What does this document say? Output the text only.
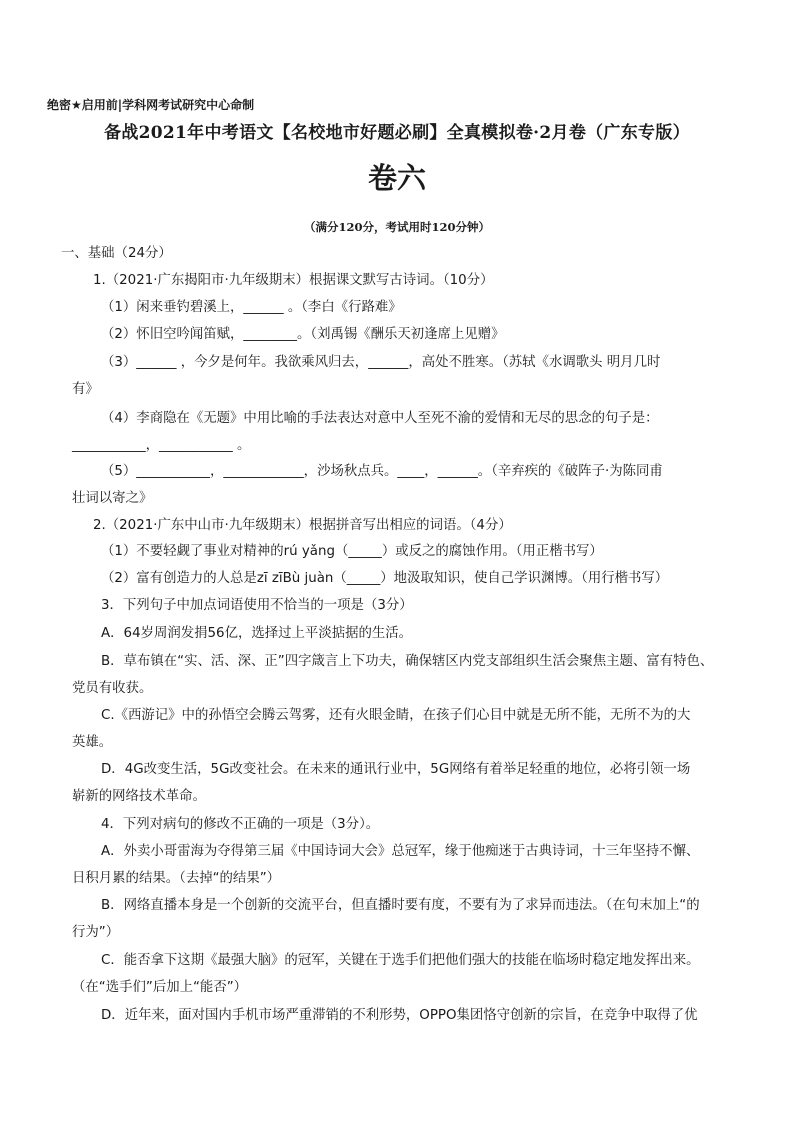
绝密★启用前|学科网考试研究中心命制
备战2021年中考语文【名校地市好题必刷】全真模拟卷·2月卷（广东专版）
卷六
（满分120分，考试用时120分钟）
一、基础（24分）
1.（2021·广东揭阳市·九年级期末）根据课文默写古诗词。（10分）
（1）闲来垂钓碧溪上，______ 。（李白《行路难》
（2）怀旧空吟闻笛赋，________。（刘禹锡《酬乐天初逢席上见赠》
（3）______ ，今夕是何年。我欲乘风归去，______，高处不胜寒。（苏轼《水调歌头 明月几时
有》
（4）李商隐在《无题》中用比喻的手法表达对意中人至死不渝的爱情和无尽的思念的句子是：
___________，___________ 。
（5）___________，____________，沙场秋点兵。____，______。（辛弃疾的《破阵子·为陈同甫
壮词以寄之》
2.（2021·广东中山市·九年级期末）根据拼音写出相应的词语。（4分）
（1）不要轻觑了事业对精神的rú yǎng（_____）或反之的腐蚀作用。（用正楷书写）
（2）富有创造力的人总是zī zīBù juàn（_____）地汲取知识，使自己学识渊博。（用行楷书写）
3．下列句子中加点词语使用不恰当的一项是（3分）
A．64岁周润发捐56亿，选择过上平淡掂据的生活。
B．草布镇在“实、活、深、正”四字箴言上下功夫，确保辖区内党支部组织生活会聚焦主题、富有特色、
党员有收获。
C.《西游记》中的孙悟空会腾云驾雾，还有火眼金睛，在孩子们心目中就是无所不能，无所不为的大
英雄。
D．4G改变生活，5G改变社会。在未来的通讯行业中，5G网络有着举足轻重的地位，必将引领一场
崭新的网络技术革命。
4．下列对病句的修改不正确的一项是（3分）。
A．外卖小哥雷海为夺得第三届《中国诗词大会》总冠军，缘于他痴迷于古典诗词，十三年坚持不懈、
日积月累的结果。（去掉“的结果”）
B．网络直播本身是一个创新的交流平台，但直播时要有度，不要有为了求异而违法。（在句末加上“的
行为”）
C．能否拿下这期《最强大脑》的冠军，关键在于选手们把他们强大的技能在临场时稳定地发挥出来。
（在“选手们”后加上“能否”）
D．近年来，面对国内手机市场严重滞销的不利形势，OPPO集团恪守创新的宗旨，在竞争中取得了优
